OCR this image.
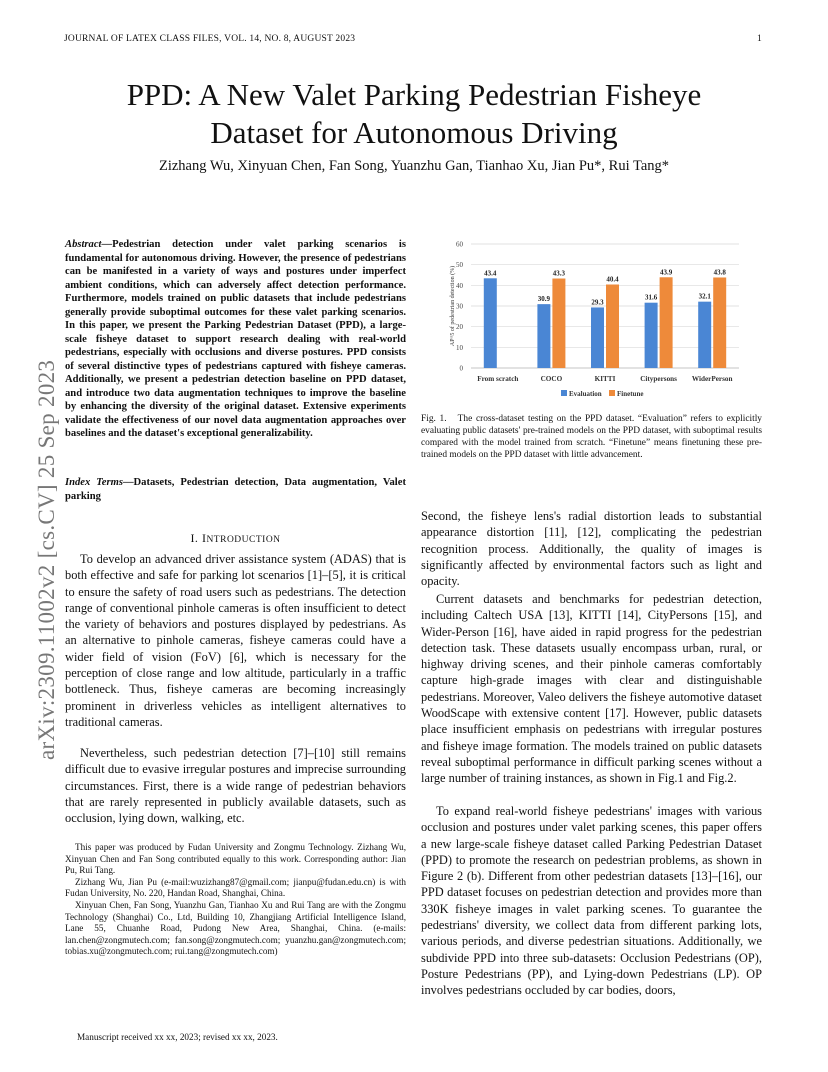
JOURNAL OF LATEX CLASS FILES, VOL. 14, NO. 8, AUGUST 2023	1
PPD: A New Valet Parking Pedestrian Fisheye
Dataset for Autonomous Driving
Zizhang Wu, Xinyuan Chen, Fan Song, Yuanzhu Gan, Tianhao Xu, Jian Pu*, Rui Tang*
arXiv:2309.11002v2 [cs.CV] 25 Sep 2023
Abstract—Pedestrian detection under valet parking scenarios is fundamental for autonomous driving. However, the presence of pedestrians can be manifested in a variety of ways and postures under imperfect ambient conditions, which can adversely affect detection performance. Furthermore, models trained on public datasets that include pedestrians generally provide suboptimal outcomes for these valet parking scenarios. In this paper, we present the Parking Pedestrian Dataset (PPD), a large-scale fisheye dataset to support research dealing with real-world pedestrians, especially with occlusions and diverse postures. PPD consists of several distinctive types of pedestrians captured with fisheye cameras. Additionally, we present a pedestrian detection baseline on PPD dataset, and introduce two data augmentation techniques to improve the baseline by enhancing the diversity of the original dataset. Extensive experiments validate the effectiveness of our novel data augmentation approaches over baselines and the dataset's exceptional generalizability.
Index Terms—Datasets, Pedestrian detection, Data augmentation, Valet parking
I. INTRODUCTION
To develop an advanced driver assistance system (ADAS) that is both effective and safe for parking lot scenarios [1]–[5], it is critical to ensure the safety of road users such as pedestrians. The detection range of conventional pinhole cameras is often insufficient to detect the variety of behaviors and postures displayed by pedestrians. As an alternative to pinhole cameras, fisheye cameras could have a wider field of vision (FoV) [6], which is necessary for the perception of close range and low altitude, particularly in a traffic bottleneck. Thus, fisheye cameras are becoming increasingly prominent in driverless vehicles as intelligent alternatives to traditional cameras.
Nevertheless, such pedestrian detection [7]–[10] still remains difficult due to evasive irregular postures and imprecise surrounding circumstances. First, there is a wide range of pedestrian behaviors that are rarely represented in publicly available datasets, such as occlusion, lying down, walking, etc.

This paper was produced by Fudan University and Zongmu Technology. Zizhang Wu, Xinyuan Chen and Fan Song contributed equally to this work. Corresponding author: Jian Pu, Rui Tang.

Zizhang Wu, Jian Pu (e-mail:wuzizhang87@gmail.com; jianpu@fudan.edu.cn) is with Fudan University, No. 220, Handan Road, Shanghai, China.

Xinyuan Chen, Fan Song, Yuanzhu Gan, Tianhao Xu and Rui Tang are with the Zongmu Technology (Shanghai) Co., Ltd, Building 10, Zhangjiang Artificial Intelligence Island, Lane 55, Chuanhe Road, Pudong New Area, Shanghai, China. (e-mails: lan.chen@zongmutech.com; fan.song@zongmutech.com; yuanzhu.gan@zongmutech.com; tobias.xu@zongmutech.com; rui.tang@zongmutech.com)

Manuscript received xx xx, 2023; revised xx xx, 2023.
0
10
20
30
40
50
60
AP^5 of pedestrian detection (%)	43.4
From scratch
30.9
43.3
COCO
29.3
40.4
KITTI
31.6
43.9
Citypersons
32.1
43.8
WiderPerson
Evaluation Finetune
Fig. 1. The cross-dataset testing on the PPD dataset. “Evaluation” refers to explicitly evaluating public datasets' pre-trained models on the PPD dataset, with suboptimal results compared with the model trained from scratch. “Finetune” means finetuning these pre-trained models on the PPD dataset with little advancement.
Second, the fisheye lens's radial distortion leads to substantial appearance distortion [11], [12], complicating the pedestrian recognition process. Additionally, the quality of images is significantly affected by environmental factors such as light and opacity.
Current datasets and benchmarks for pedestrian detection, including Caltech USA [13], KITTI [14], CityPersons [15], and Wider-Person [16], have aided in rapid progress for the pedestrian detection task. These datasets usually encompass urban, rural, or highway driving scenes, and their pinhole cameras comfortably capture high-grade images with clear and distinguishable pedestrians. Moreover, Valeo delivers the fisheye automotive dataset WoodScape with extensive content [17]. However, public datasets place insufficient emphasis on pedestrians with irregular postures and fisheye image formation. The models trained on public datasets reveal suboptimal performance in difficult parking scenes without a large number of training instances, as shown in Fig.1 and Fig.2.
To expand real-world fisheye pedestrians' images with various occlusion and postures under valet parking scenes, this paper offers a new large-scale fisheye dataset called Parking Pedestrian Dataset (PPD) to promote the research on pedestrian problems, as shown in Figure 2 (b). Different from other pedestrian datasets [13]–[16], our PPD dataset focuses on pedestrian detection and provides more than 330K fisheye images in valet parking scenes. To guarantee the pedestrians' diversity, we collect data from different parking lots, various periods, and diverse pedestrian situations. Additionally, we subdivide PPD into three sub-datasets: Occlusion Pedestrians (OP), Posture Pedestrians (PP), and Lying-down Pedestrians (LP). OP involves pedestrians occluded by car bodies, doors,
